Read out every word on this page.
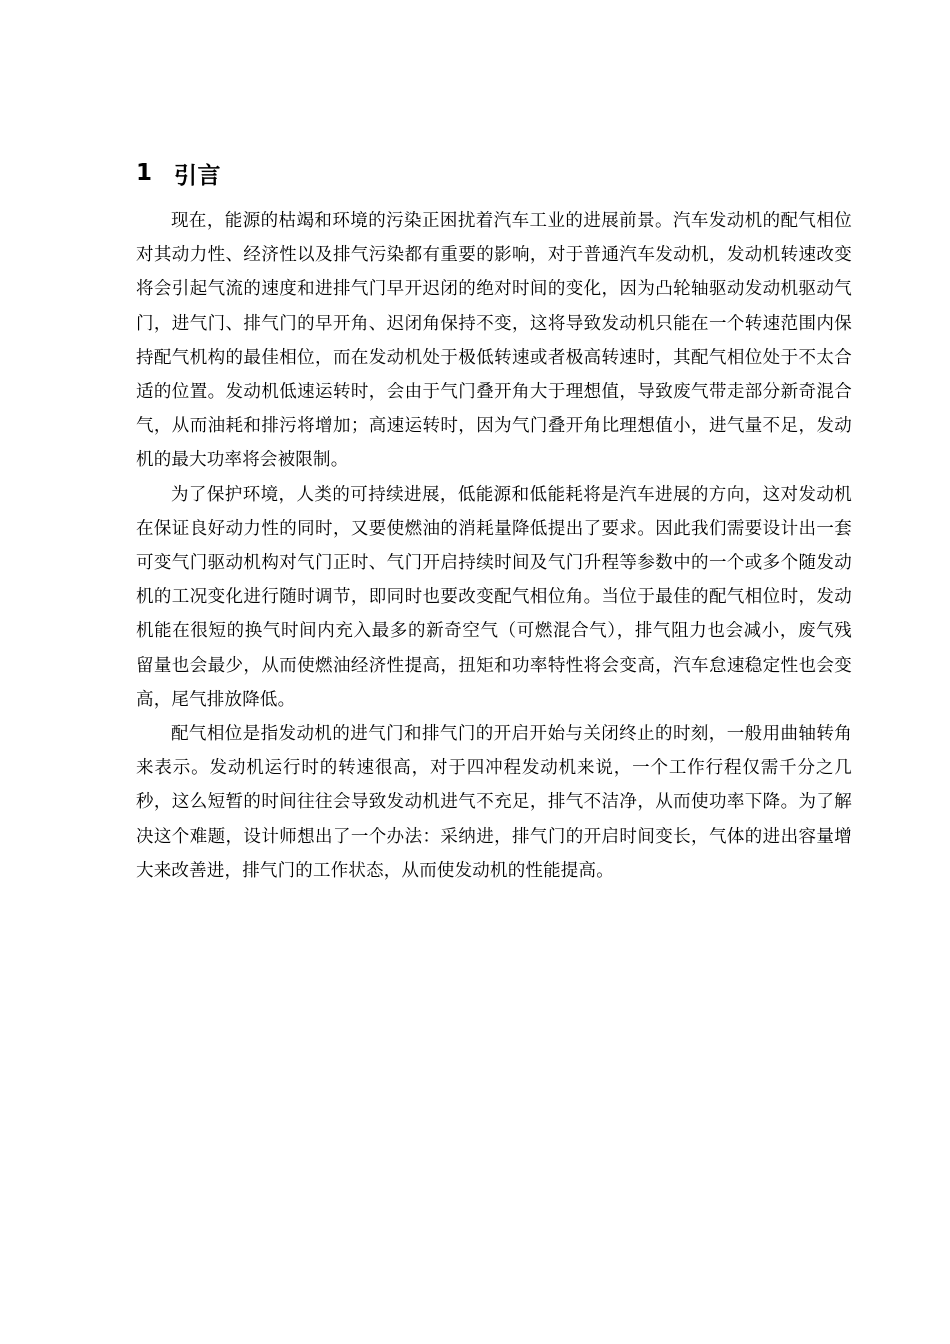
1 引言

现在，能源的枯竭和环境的污染正困扰着汽车工业的进展前景。汽车发动机的配气相位对其动力性、经济性以及排气污染都有重要的影响，对于普通汽车发动机，发动机转速改变将会引起气流的速度和进排气门早开迟闭的绝对时间的变化，因为凸轮轴驱动发动机驱动气门，进气门、排气门的早开角、迟闭角保持不变，这将导致发动机只能在一个转速范围内保持配气机构的最佳相位，而在发动机处于极低转速或者极高转速时，其配气相位处于不太合适的位置。发动机低速运转时，会由于气门叠开角大于理想值，导致废气带走部分新奇混合气，从而油耗和排污将增加；高速运转时，因为气门叠开角比理想值小，进气量不足，发动机的最大功率将会被限制。

为了保护环境，人类的可持续进展，低能源和低能耗将是汽车进展的方向，这对发动机在保证良好动力性的同时，又要使燃油的消耗量降低提出了要求。因此我们需要设计出一套可变气门驱动机构对气门正时、气门开启持续时间及气门升程等参数中的一个或多个随发动机的工况变化进行随时调节，即同时也要改变配气相位角。当位于最佳的配气相位时，发动机能在很短的换气时间内充入最多的新奇空气（可燃混合气），排气阻力也会减小，废气残留量也会最少，从而使燃油经济性提高，扭矩和功率特性将会变高，汽车怠速稳定性也会变高，尾气排放降低。

配气相位是指发动机的进气门和排气门的开启开始与关闭终止的时刻，一般用曲轴转角来表示。发动机运行时的转速很高，对于四冲程发动机来说，一个工作行程仅需千分之几秒，这么短暂的时间往往会导致发动机进气不充足，排气不洁净，从而使功率下降。为了解决这个难题，设计师想出了一个办法：采纳进，排气门的开启时间变长，气体的进出容量增大来改善进，排气门的工作状态，从而使发动机的性能提高。
